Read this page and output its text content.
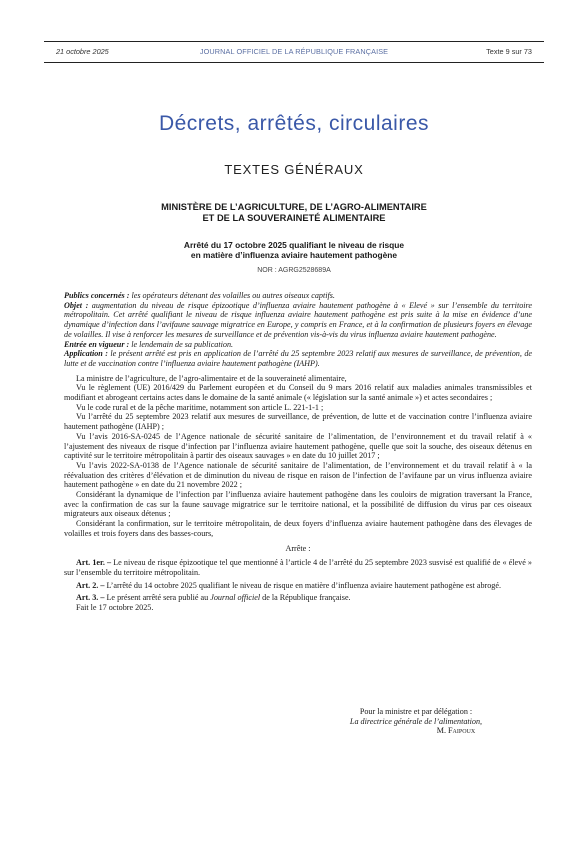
21 octobre 2025	JOURNAL OFFICIEL DE LA RÉPUBLIQUE FRANÇAISE	Texte 9 sur 73
Décrets, arrêtés, circulaires
TEXTES GÉNÉRAUX
MINISTÈRE DE L’AGRICULTURE, DE L’AGRO-ALIMENTAIRE
ET DE LA SOUVERAINETÉ ALIMENTAIRE
Arrêté du 17 octobre 2025 qualifiant le niveau de risque
en matière d’influenza aviaire hautement pathogène
NOR : AGRG2528689A

Publics concernés : les opérateurs détenant des volailles ou autres oiseaux captifs.

Objet : augmentation du niveau de risque épizootique d’influenza aviaire hautement pathogène à « Elevé » sur l’ensemble du territoire métropolitain. Cet arrêté qualifiant le niveau de risque influenza aviaire hautement pathogène est pris suite à la mise en évidence d’une dynamique d’infection dans l’avifaune sauvage migratrice en Europe, y compris en France, et à la confirmation de plusieurs foyers en élevage de volailles. Il vise à renforcer les mesures de surveillance et de prévention vis-à-vis du virus influenza aviaire hautement pathogène.

Entrée en vigueur : le lendemain de sa publication.

Application : le présent arrêté est pris en application de l’arrêté du 25 septembre 2023 relatif aux mesures de surveillance, de prévention, de lutte et de vaccination contre l’influenza aviaire hautement pathogène (IAHP).

La ministre de l’agriculture, de l’agro-alimentaire et de la souveraineté alimentaire,

Vu le règlement (UE) 2016/429 du Parlement européen et du Conseil du 9 mars 2016 relatif aux maladies animales transmissibles et modifiant et abrogeant certains actes dans le domaine de la santé animale (« législation sur la santé animale ») et actes secondaires ;

Vu le code rural et de la pêche maritime, notamment son article L. 221-1-1 ;

Vu l’arrêté du 25 septembre 2023 relatif aux mesures de surveillance, de prévention, de lutte et de vaccination contre l’influenza aviaire hautement pathogène (IAHP) ;

Vu l’avis 2016-SA-0245 de l’Agence nationale de sécurité sanitaire de l’alimentation, de l’environnement et du travail relatif à « l’ajustement des niveaux de risque d’infection par l’influenza aviaire hautement pathogène, quelle que soit la souche, des oiseaux détenus en captivité sur le territoire métropolitain à partir des oiseaux sauvages » en date du 10 juillet 2017 ;

Vu l’avis 2022-SA-0138 de l’Agence nationale de sécurité sanitaire de l’alimentation, de l’environnement et du travail relatif à « la réévaluation des critères d’élévation et de diminution du niveau de risque en raison de l’infection de l’avifaune par un virus influenza aviaire hautement pathogène » en date du 21 novembre 2022 ;

Considérant la dynamique de l’infection par l’influenza aviaire hautement pathogène dans les couloirs de migration traversant la France, avec la confirmation de cas sur la faune sauvage migratrice sur le territoire national, et la possibilité de diffusion du virus par ces oiseaux migrateurs aux oiseaux détenus ;

Considérant la confirmation, sur le territoire métropolitain, de deux foyers d’influenza aviaire hautement pathogène dans des élevages de volailles et trois foyers dans des basses-cours,

Arrête :

Art. 1er. – Le niveau de risque épizootique tel que mentionné à l’article 4 de l’arrêté du 25 septembre 2023 susvisé est qualifié de « élevé » sur l’ensemble du territoire métropolitain.

Art. 2. – L’arrêté du 14 octobre 2025 qualifiant le niveau de risque en matière d’influenza aviaire hautement pathogène est abrogé.

Art. 3. – Le présent arrêté sera publié au Journal officiel de la République française.

Fait le 17 octobre 2025.

Pour la ministre et par délégation :
La directrice générale de l’alimentation,
M. Faipoux
